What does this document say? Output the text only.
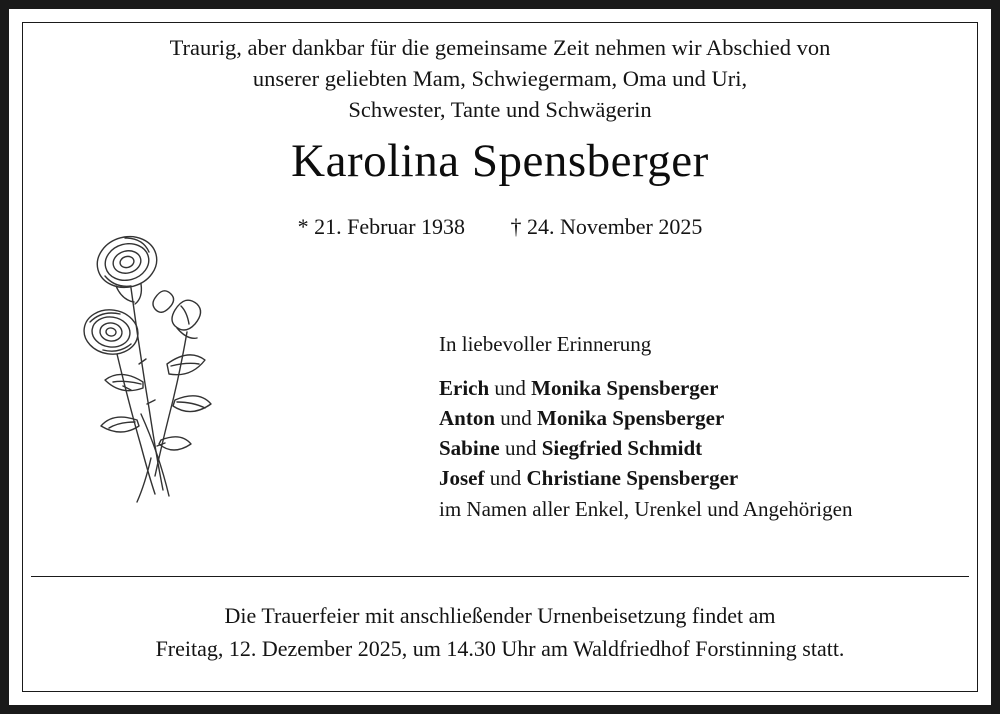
Traurig, aber dankbar für die gemeinsame Zeit nehmen wir Abschied von
unserer geliebten Mam, Schwiegermam, Oma und Uri,
Schwester, Tante und Schwägerin
Karolina Spensberger
* 21. Februar 1938 † 24. November 2025
In liebevoller Erinnerung
Erich und Monika Spensberger
Anton und Monika Spensberger
Sabine und Siegfried Schmidt
Josef und Christiane Spensberger
im Namen aller Enkel, Urenkel und Angehörigen
Die Trauerfeier mit anschließender Urnenbeisetzung findet am
Freitag, 12. Dezember 2025, um 14.30 Uhr am Waldfriedhof Forstinning statt.
